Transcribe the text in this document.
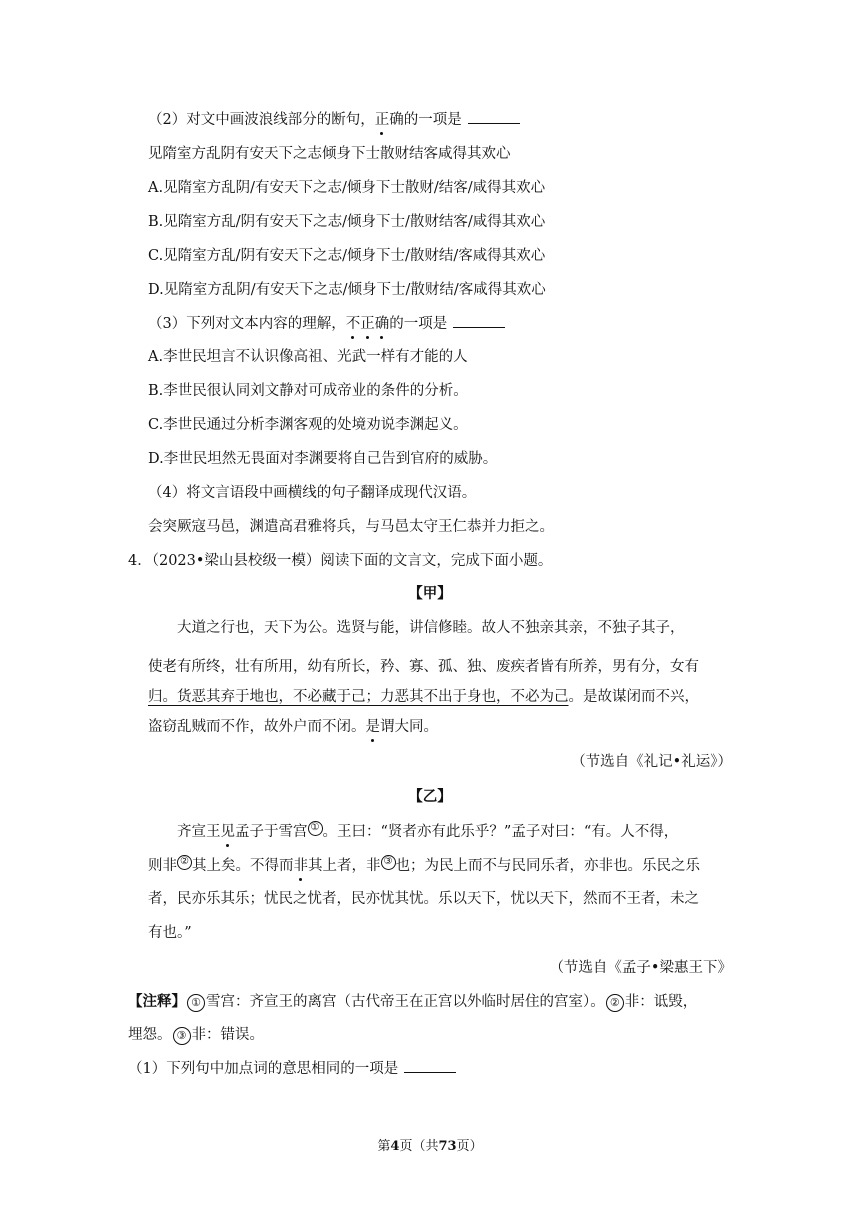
（2）对文中画波浪线部分的断句，正确的一项是
见隋室方乱阴有安天下之志倾身下士散财结客咸得其欢心
A.见隋室方乱阴/有安天下之志/倾身下士散财/结客/咸得其欢心
B.见隋室方乱/阴有安天下之志/倾身下士/散财结客/咸得其欢心
C.见隋室方乱/阴有安天下之志/倾身下士/散财结/客咸得其欢心
D.见隋室方乱阴/有安天下之志/倾身下士/散财结/客咸得其欢心
（3）下列对文本内容的理解，不正确的一项是
A.李世民坦言不认识像高祖、光武一样有才能的人
B.李世民很认同刘文静对可成帝业的条件的分析。
C.李世民通过分析李渊客观的处境劝说李渊起义。
D.李世民坦然无畏面对李渊要将自己告到官府的威胁。
（4）将文言语段中画横线的句子翻译成现代汉语。
会突厥寇马邑，渊遣高君雅将兵，与马邑太守王仁恭并力拒之。
4．（2023•梁山县校级一模）阅读下面的文言文，完成下面小题。
【甲】
大道之行也，天下为公。选贤与能，讲信修睦。故人不独亲其亲，不独子其子，
使老有所终，壮有所用，幼有所长，矜、寡、孤、独、废疾者皆有所养，男有分，女有
归。货恶其弃于地也，不必藏于己；力恶其不出于身也，不必为己。是故谋闭而不兴，
盗窃乱贼而不作，故外户而不闭。是谓大同。
（节选自《礼记•礼运》）
【乙】
齐宣王见孟子于雪宫 ① 。王曰：“贤者亦有此乐乎？”孟子对曰：“有。人不得，
则非 ② 其上矣。不得而非其上者，非 ③ 也；为民上而不与民同乐者，亦非也。乐民之乐
者，民亦乐其乐；忧民之忧者，民亦忧其忧。乐以天下，忧以天下，然而不王者，未之
有也。”
（节选自《孟子•梁惠王下》
【注释】 ① 雪宫：齐宣王的离宫（古代帝王在正宫以外临时居住的宫室）。 ② 非：诋毁，
埋怨。 ③ 非：错误。
（1）下列句中加点词的意思相同的一项是
第4页（共73页）
